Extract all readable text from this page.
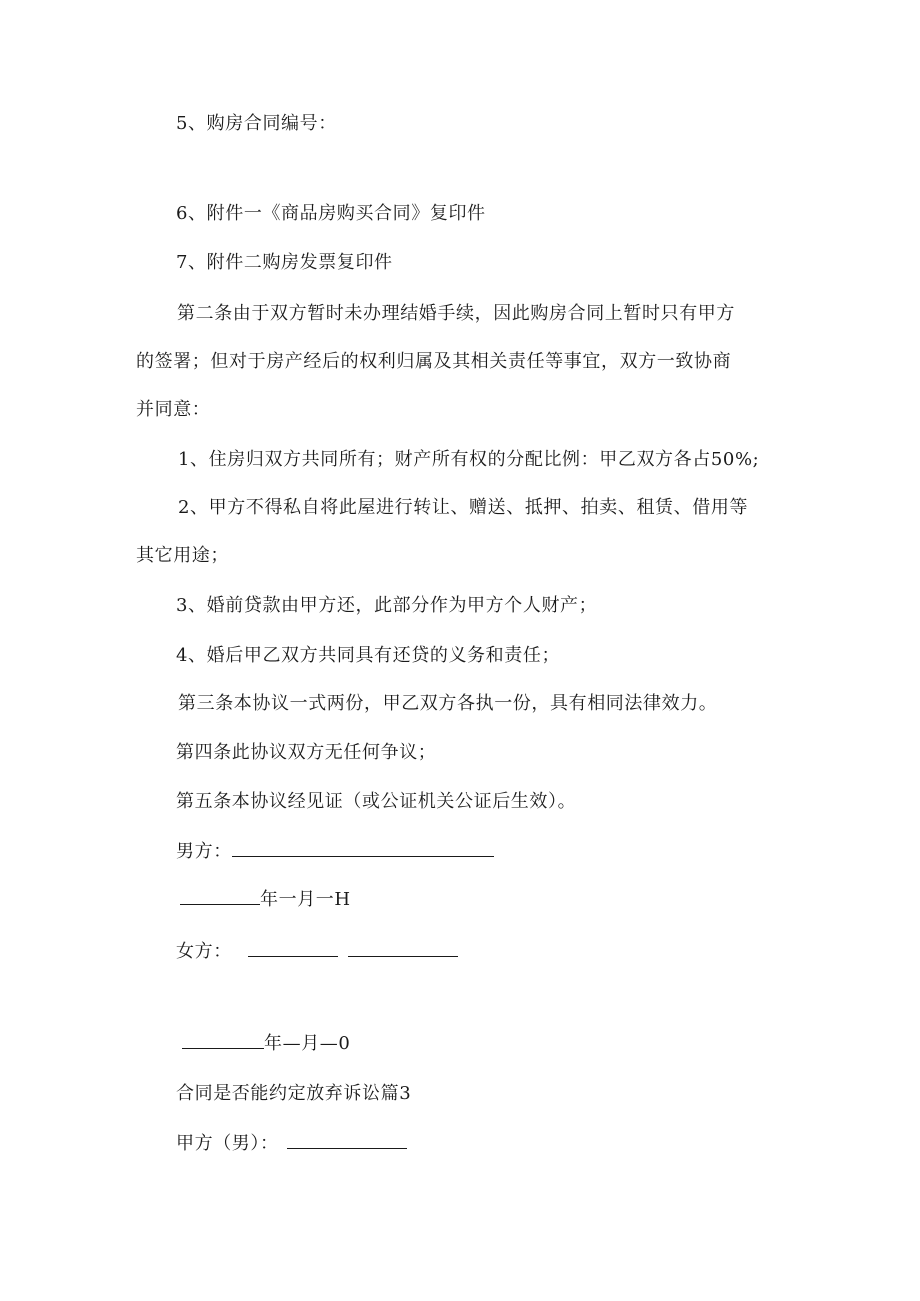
5、购房合同编号：
6、附件一《商品房购买合同》复印件
7、附件二购房发票复印件
第二条由于双方暂时未办理结婚手续，因此购房合同上暂时只有甲方
的签署；但对于房产经后的权利归属及其相关责任等事宜，双方一致协商
并同意：
1、住房归双方共同所有；财产所有权的分配比例：甲乙双方各占50%;
2、甲方不得私自将此屋进行转让、赠送、抵押、拍卖、租赁、借用等
其它用途；
3、婚前贷款由甲方还，此部分作为甲方个人财产；
4、婚后甲乙双方共同具有还贷的义务和责任；
第三条本协议一式两份，甲乙双方各执一份，具有相同法律效力。
第四条此协议双方无任何争议；
第五条本协议经见证（或公证机关公证后生效）。
男方：
年一月一H
女方：
年—月—0
合同是否能约定放弃诉讼篇3
甲方（男）：
